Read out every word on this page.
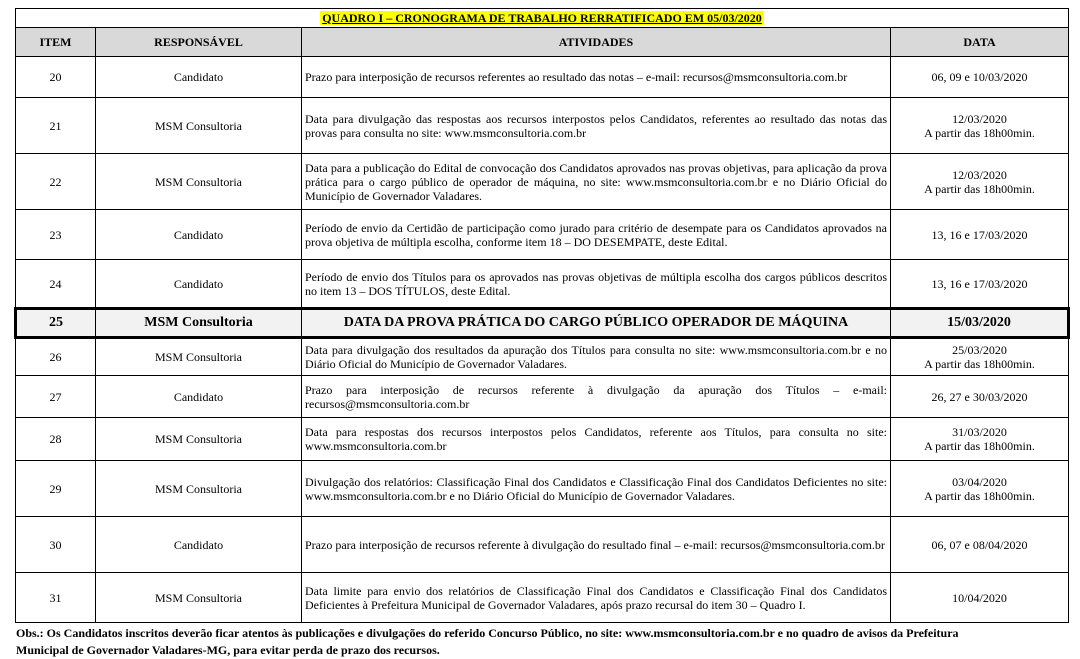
QUADRO I – CRONOGRAMA DE TRABALHO RERRATIFICADO EM 05/03/2020			
ITEM	RESPONSÁVEL	ATIVIDADES	DATA
20	Candidato	Prazo para interposição de recursos referentes ao resultado das notas – e-mail: recursos@msmconsultoria.com.br	06, 09 e 10/03/2020

21	MSM Consultoria	Data para divulgação das respostas aos recursos interpostos pelos Candidatos, referentes ao resultado das notas das provas para consulta no site: www.msmconsultoria.com.br	12/03/2020
A partir das 18h00min.

22	MSM Consultoria	Data para a publicação do Edital de convocação dos Candidatos aprovados nas provas objetivas, para aplicação da prova prática para o cargo público de operador de máquina, no site: www.msmconsultoria.com.br e no Diário Oficial do Município de Governador Valadares.	12/03/2020
A partir das 18h00min.

23	Candidato	Período de envio da Certidão de participação como jurado para critério de desempate para os Candidatos aprovados na prova objetiva de múltipla escolha, conforme item 18 – DO DESEMPATE, deste Edital.	13, 16 e 17/03/2020

24	Candidato	Período de envio dos Títulos para os aprovados nas provas objetivas de múltipla escolha dos cargos públicos descritos no item 13 – DOS TÍTULOS, deste Edital.	13, 16 e 17/03/2020

25	MSM Consultoria	DATA DA PROVA PRÁTICA DO CARGO PÚBLICO OPERADOR DE MÁQUINA	15/03/2020

26	MSM Consultoria	Data para divulgação dos resultados da apuração dos Títulos para consulta no site: www.msmconsultoria.com.br e no Diário Oficial do Município de Governador Valadares.	25/03/2020
A partir das 18h00min.

27	Candidato	Prazo para interposição de recursos referente à divulgação da apuração dos Títulos – e-mail: recursos@msmconsultoria.com.br	26, 27 e 30/03/2020

28	MSM Consultoria	Data para respostas dos recursos interpostos pelos Candidatos, referente aos Títulos, para consulta no site: www.msmconsultoria.com.br	31/03/2020
A partir das 18h00min.

29	MSM Consultoria	Divulgação dos relatórios: Classificação Final dos Candidatos e Classificação Final dos Candidatos Deficientes no site: www.msmconsultoria.com.br e no Diário Oficial do Município de Governador Valadares.	03/04/2020
A partir das 18h00min.

30	Candidato	Prazo para interposição de recursos referente à divulgação do resultado final – e-mail: recursos@msmconsultoria.com.br	06, 07 e 08/04/2020

31	MSM Consultoria	Data limite para envio dos relatórios de Classificação Final dos Candidatos e Classificação Final dos Candidatos Deficientes à Prefeitura Municipal de Governador Valadares, após prazo recursal do item 30 – Quadro I.	10/04/2020
Obs.: Os Candidatos inscritos deverão ficar atentos às publicações e divulgações do referido Concurso Público, no site: www.msmconsultoria.com.br e no quadro de avisos da Prefeitura
Municipal de Governador Valadares-MG, para evitar perda de prazo dos recursos.
